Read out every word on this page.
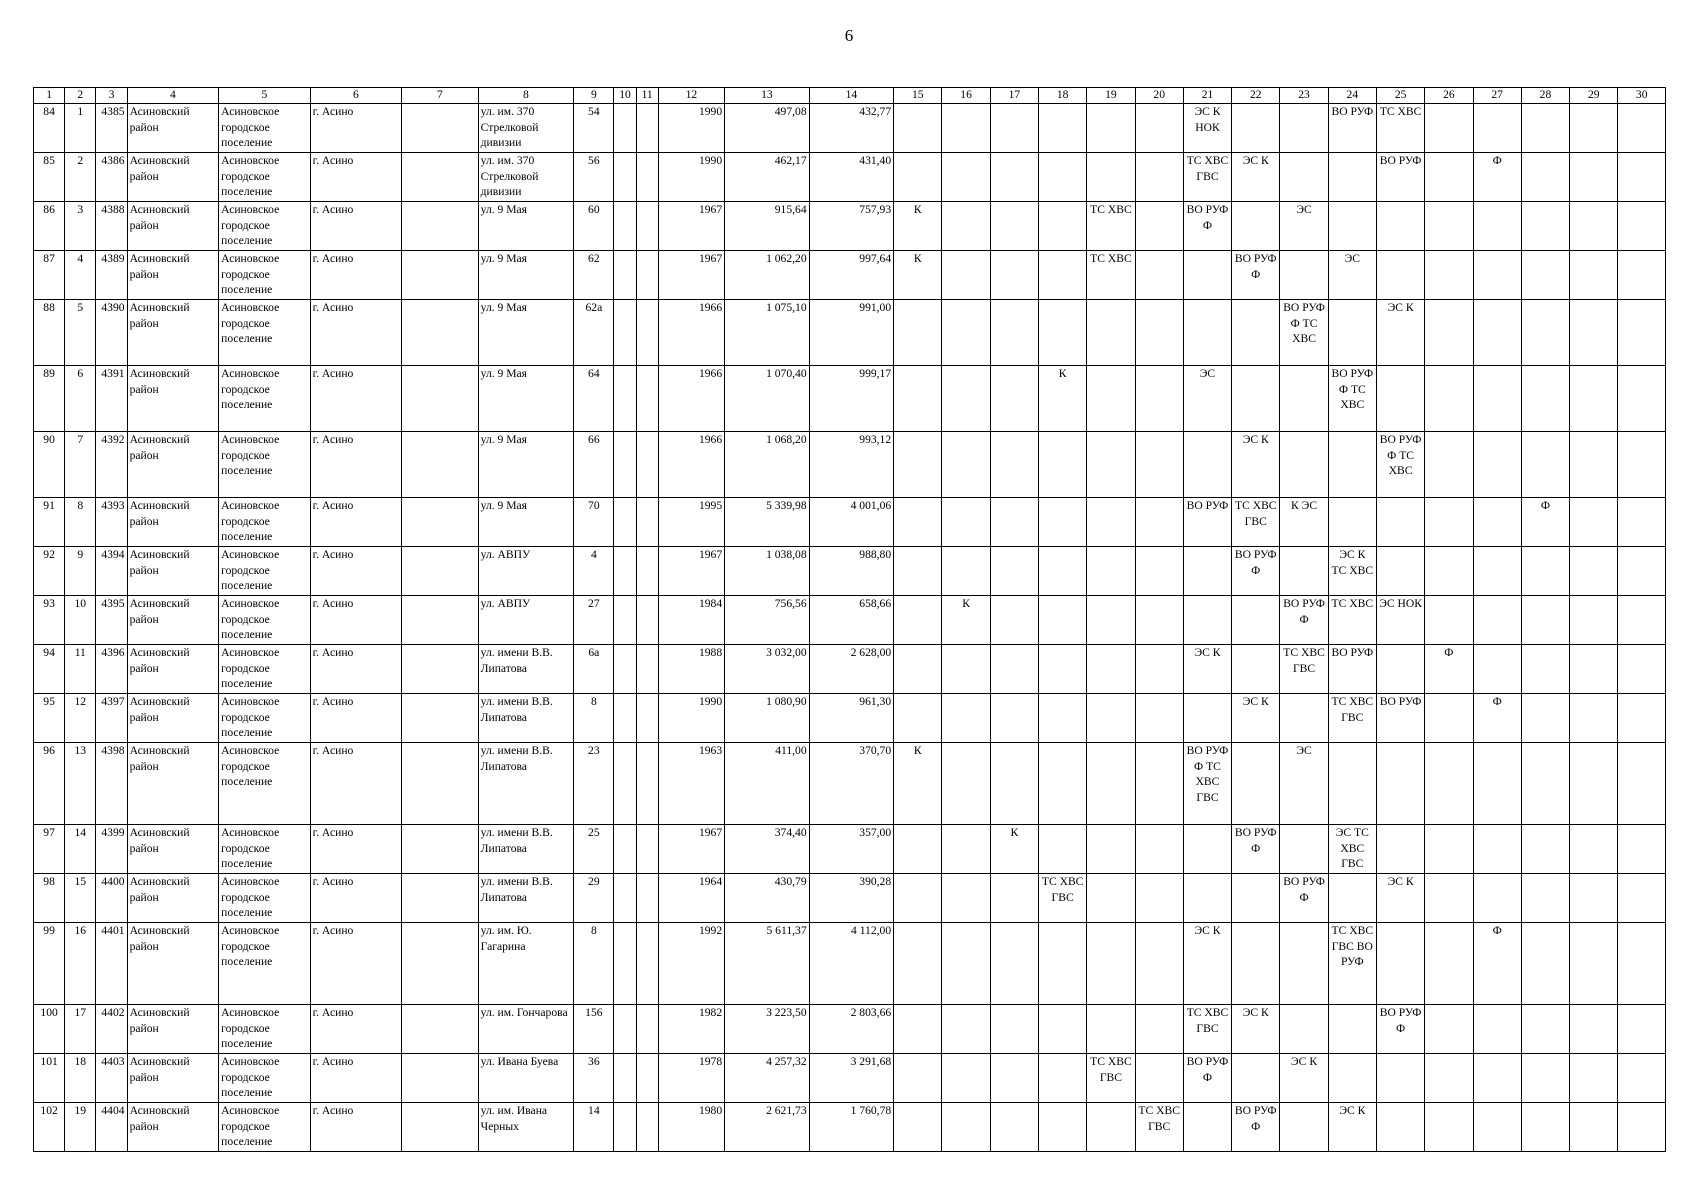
6
1	2	3	4	5	6	7	8	9	10	11	12	13	14	15	16	17	18	19	20	21	22	23	24	25	26	27	28	29	30
84	1	4385	Асиновский район	Асиновское городское поселение	г. Асино		ул. им. 370 Стрелковой дивизии	54			1990	497,08	432,77							ЭС К НОК			ВО РУФ	ТС ХВС					
85	2	4386	Асиновский район	Асиновское городское поселение	г. Асино		ул. им. 370 Стрелковой дивизии	56			1990	462,17	431,40							ТС ХВС ГВС	ЭС К			ВО РУФ		Ф			
86	3	4388	Асиновский район	Асиновское городское поселение	г. Асино		ул. 9 Мая	60			1967	915,64	757,93	К				ТС ХВС		ВО РУФ Ф		ЭС							
87	4	4389	Асиновский район	Асиновское городское поселение	г. Асино		ул. 9 Мая	62			1967	1 062,20	997,64	К				ТС ХВС			ВО РУФ Ф		ЭС						
88	5	4390	Асиновский район	Асиновское городское поселение	г. Асино		ул. 9 Мая	62а			1966	1 075,10	991,00									ВО РУФ Ф ТС ХВС		ЭС К					
89	6	4391	Асиновский район	Асиновское городское поселение	г. Асино		ул. 9 Мая	64			1966	1 070,40	999,17				К			ЭС			ВО РУФ Ф ТС ХВС						
90	7	4392	Асиновский район	Асиновское городское поселение	г. Асино		ул. 9 Мая	66			1966	1 068,20	993,12								ЭС К			ВО РУФ Ф ТС ХВС					
91	8	4393	Асиновский район	Асиновское городское поселение	г. Асино		ул. 9 Мая	70			1995	5 339,98	4 001,06							ВО РУФ	ТС ХВС ГВС	К ЭС					Ф		
92	9	4394	Асиновский район	Асиновское городское поселение	г. Асино		ул. АВПУ	4			1967	1 038,08	988,80								ВО РУФ Ф		ЭС К ТС ХВС						
93	10	4395	Асиновский район	Асиновское городское поселение	г. Асино		ул. АВПУ	27			1984	756,56	658,66		К							ВО РУФ Ф	ТС ХВС	ЭС НОК					
94	11	4396	Асиновский район	Асиновское городское поселение	г. Асино		ул. имени В.В. Липатова	6а			1988	3 032,00	2 628,00							ЭС К		ТС ХВС ГВС	ВО РУФ		Ф				
95	12	4397	Асиновский район	Асиновское городское поселение	г. Асино		ул. имени В.В. Липатова	8			1990	1 080,90	961,30								ЭС К		ТС ХВС ГВС	ВО РУФ		Ф			
96	13	4398	Асиновский район	Асиновское городское поселение	г. Асино		ул. имени В.В. Липатова	23			1963	411,00	370,70	К						ВО РУФ Ф ТС ХВС ГВС		ЭС							
97	14	4399	Асиновский район	Асиновское городское поселение	г. Асино		ул. имени В.В. Липатова	25			1967	374,40	357,00			К					ВО РУФ Ф		ЭС ТС ХВС ГВС						
98	15	4400	Асиновский район	Асиновское городское поселение	г. Асино		ул. имени В.В. Липатова	29			1964	430,79	390,28				ТС ХВС ГВС					ВО РУФ Ф		ЭС К					
99	16	4401	Асиновский район	Асиновское городское поселение	г. Асино		ул. им. Ю. Гагарина	8			1992	5 611,37	4 112,00							ЭС К			ТС ХВС ГВС ВО РУФ			Ф			
100	17	4402	Асиновский район	Асиновское городское поселение	г. Асино		ул. им. Гончарова	156			1982	3 223,50	2 803,66							ТС ХВС ГВС	ЭС К			ВО РУФ Ф					
101	18	4403	Асиновский район	Асиновское городское поселение	г. Асино		ул. Ивана Буева	36			1978	4 257,32	3 291,68					ТС ХВС ГВС		ВО РУФ Ф		ЭС К							
102	19	4404	Асиновский район	Асиновское городское поселение	г. Асино		ул. им. Ивана Черных	14			1980	2 621,73	1 760,78						ТС ХВС ГВС		ВО РУФ Ф		ЭС К						
